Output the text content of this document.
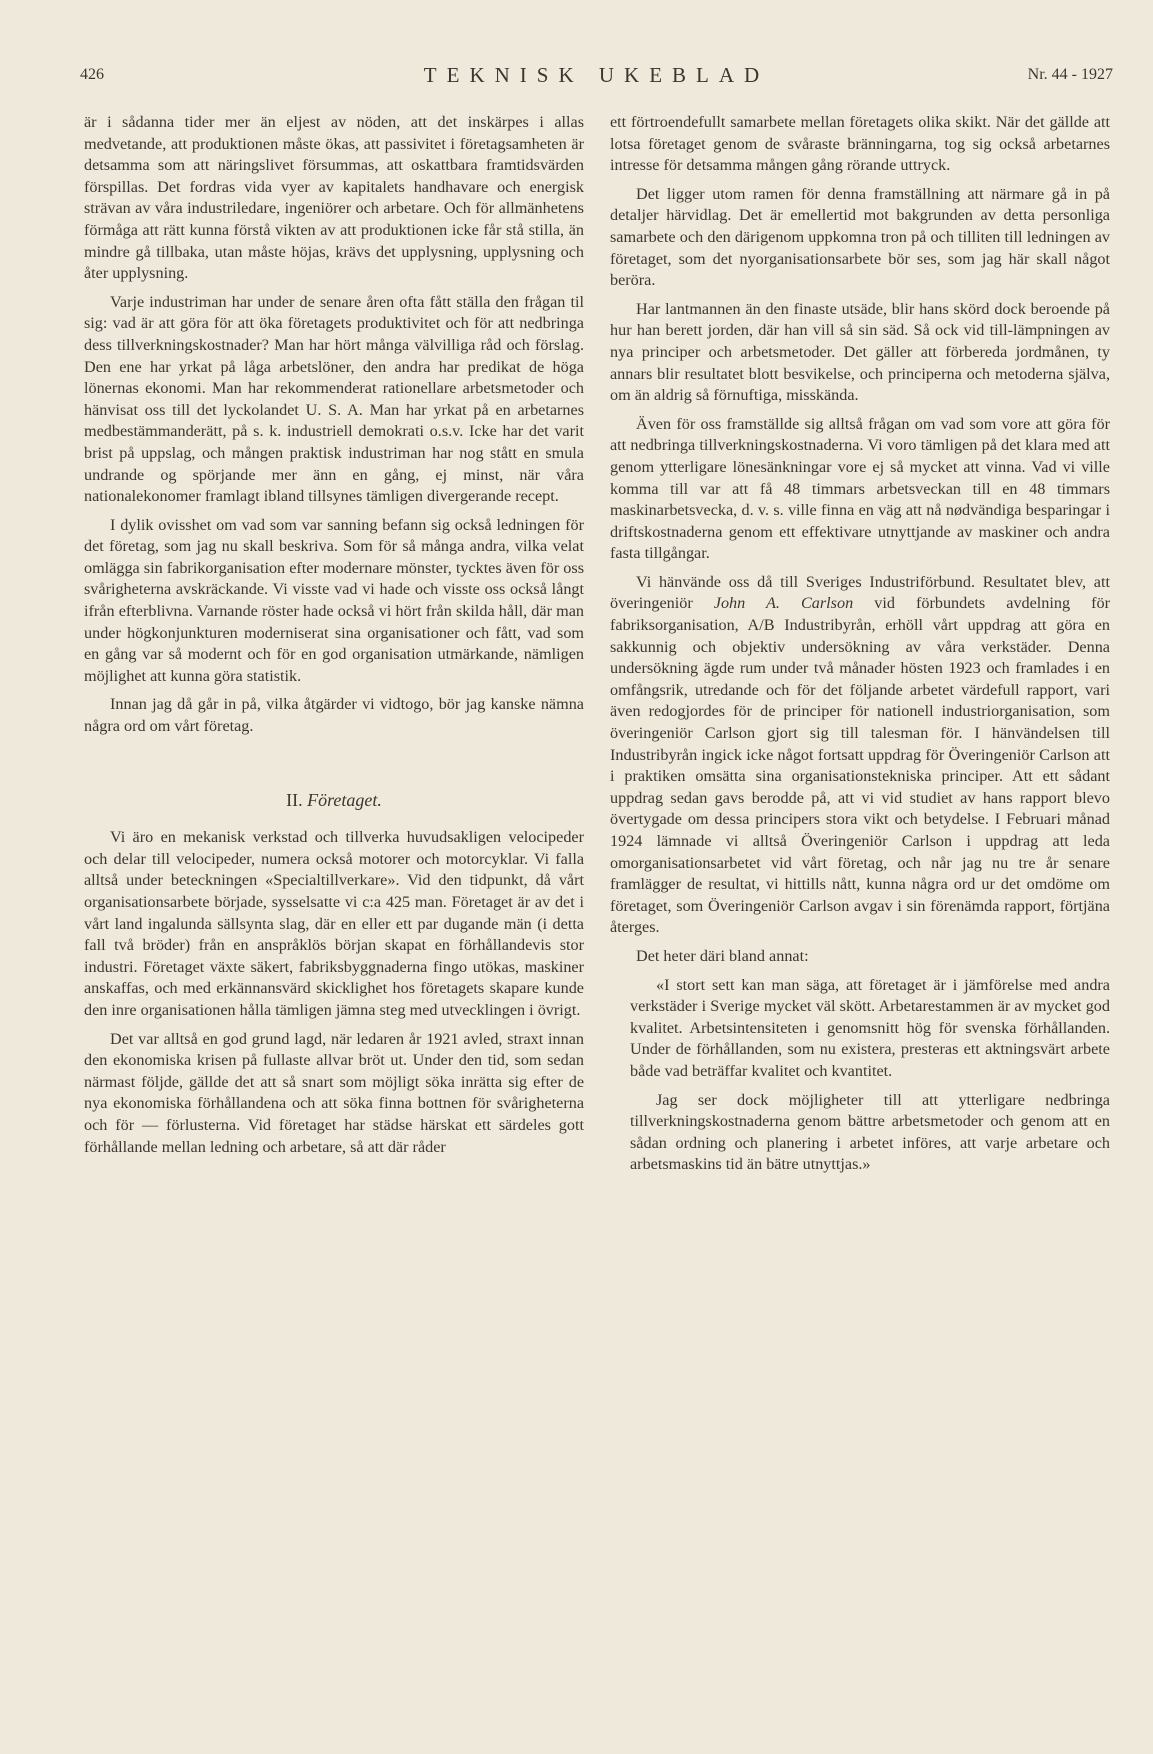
426	TEKNISK UKEBLAD	Nr. 44 - 1927

är i sådanna tider mer än eljest av nöden, att det inskärpes i allas medvetande, att produktionen måste ökas, att passivitet i företagsamheten är detsamma som att näringslivet försummas, att oskattbara framtidsvärden förspillas. Det fordras vida vyer av kapitalets handhavare och energisk strävan av våra industriledare, ingeniörer och arbetare. Och för allmänhetens förmåga att rätt kunna förstå vikten av att produktionen icke får stå stilla, än mindre gå tillbaka, utan måste höjas, krävs det upplysning, upplysning och åter upplysning.

Varje industriman har under de senare åren ofta fått ställa den frågan til sig: vad är att göra för att öka företagets produktivitet och för att nedbringa dess tillverkningskostnader? Man har hört många välvilliga råd och förslag. Den ene har yrkat på låga arbetslöner, den andra har predikat de höga lönernas ekonomi. Man har rekommenderat rationellare arbetsmetoder och hänvisat oss till det lyckolandet U. S. A. Man har yrkat på en arbetarnes medbestämmanderätt, på s. k. industriell demokrati o.s.v. Icke har det varit brist på uppslag, och mången praktisk industriman har nog stått en smula undrande og spörjande mer änn en gång, ej minst, när våra nationalekonomer framlagt ibland tillsynes tämligen divergerande recept.

I dylik ovisshet om vad som var sanning befann sig också ledningen för det företag, som jag nu skall beskriva. Som för så många andra, vilka velat omlägga sin fabrikorganisation efter modernare mönster, tycktes även för oss svårigheterna avskräckande. Vi visste vad vi hade och visste oss också långt ifrån efterblivna. Varnande röster hade också vi hört från skilda håll, där man under högkonjunkturen moderniserat sina organisationer och fått, vad som en gång var så modernt och för en god organisation utmärkande, nämligen möjlighet att kunna göra statistik.

Innan jag då går in på, vilka åtgärder vi vidtogo, bör jag kanske nämna några ord om vårt företag.

II. Företaget.

Vi äro en mekanisk verkstad och tillverka huvudsakligen velocipeder och delar till velocipeder, numera också motorer och motorcyklar. Vi falla alltså under beteckningen «Specialtillverkare». Vid den tidpunkt, då vårt organisationsarbete började, sysselsatte vi c:a 425 man. Företaget är av det i vårt land ingalunda sällsynta slag, där en eller ett par dugande män (i detta fall två bröder) från en anspråklös början skapat en förhållandevis stor industri. Företaget växte säkert, fabriksbyggnaderna fingo utökas, maskiner anskaffas, och med erkännansvärd skicklighet hos företagets skapare kunde den inre organisationen hålla tämligen jämna steg med utvecklingen i övrigt.

Det var alltså en god grund lagd, när ledaren år 1921 avled, straxt innan den ekonomiska krisen på fullaste allvar bröt ut. Under den tid, som sedan närmast följde, gällde det att så snart som möjligt söka inrätta sig efter de nya ekonomiska förhållandena och att söka finna bottnen för svårigheterna och för — förlusterna. Vid företaget har städse härskat ett särdeles gott förhållande mellan ledning och arbetare, så att där råder

ett förtroendefullt samarbete mellan företagets olika skikt. När det gällde att lotsa företaget genom de svåraste bränningarna, tog sig också arbetarnes intresse för detsamma mången gång rörande uttryck.

Det ligger utom ramen för denna framställning att närmare gå in på detaljer härvidlag. Det är emellertid mot bakgrunden av detta personliga samarbete och den därigenom uppkomna tron på och tilliten till ledningen av företaget, som det nyorganisationsarbete bör ses, som jag här skall något beröra.

Har lantmannen än den finaste utsäde, blir hans skörd dock beroende på hur han berett jorden, där han vill så sin säd. Så ock vid till-lämpningen av nya principer och arbetsmetoder. Det gäller att förbereda jordmånen, ty annars blir resultatet blott besvikelse, och principerna och metoderna själva, om än aldrig så förnuftiga, misskända.

Även för oss framställde sig alltså frågan om vad som vore att göra för att nedbringa tillverkningskostnaderna. Vi voro tämligen på det klara med att genom ytterligare lönesänkningar vore ej så mycket att vinna. Vad vi ville komma till var att få 48 timmars arbetsveckan till en 48 timmars maskinarbetsvecka, d. v. s. ville finna en väg att nå nødvändiga besparingar i driftskostnaderna genom ett effektivare utnyttjande av maskiner och andra fasta tillgångar.

Vi hänvände oss då till Sveriges Industriförbund. Resultatet blev, att överingeniör John A. Carlson vid förbundets avdelning för fabriksorganisation, A/B Industribyrån, erhöll vårt uppdrag att göra en sakkunnig och objektiv undersökning av våra verkstäder. Denna undersökning ägde rum under två månader hösten 1923 och framlades i en omfångsrik, utredande och för det följande arbetet värdefull rapport, vari även redogjordes för de principer för nationell industriorganisation, som överingeniör Carlson gjort sig till talesman för. I hänvändelsen till Industribyrån ingick icke något fortsatt uppdrag för Överingeniör Carlson att i praktiken omsätta sina organisationstekniska principer. Att ett sådant uppdrag sedan gavs berodde på, att vi vid studiet av hans rapport blevo övertygade om dessa principers stora vikt och betydelse. I Februari månad 1924 lämnade vi alltså Överingeniör Carlson i uppdrag att leda omorganisationsarbetet vid vårt företag, och når jag nu tre år senare framlägger de resultat, vi hittills nått, kunna några ord ur det omdöme om företaget, som Överingeniör Carlson avgav i sin förenämda rapport, förtjäna återges.

Det heter däri bland annat:

«I stort sett kan man säga, att företaget är i jämförelse med andra verkstäder i Sverige mycket väl skött. Arbetarestammen är av mycket god kvalitet. Arbetsintensiteten i genomsnitt hög för svenska förhållanden. Under de förhållanden, som nu existera, presteras ett aktningsvärt arbete både vad beträffar kvalitet och kvantitet.

Jag ser dock möjligheter till att ytterligare nedbringa tillverkningskostnaderna genom bättre arbetsmetoder och genom att en sådan ordning och planering i arbetet införes, att varje arbetare och arbetsmaskins tid än bätre utnyttjas.»
